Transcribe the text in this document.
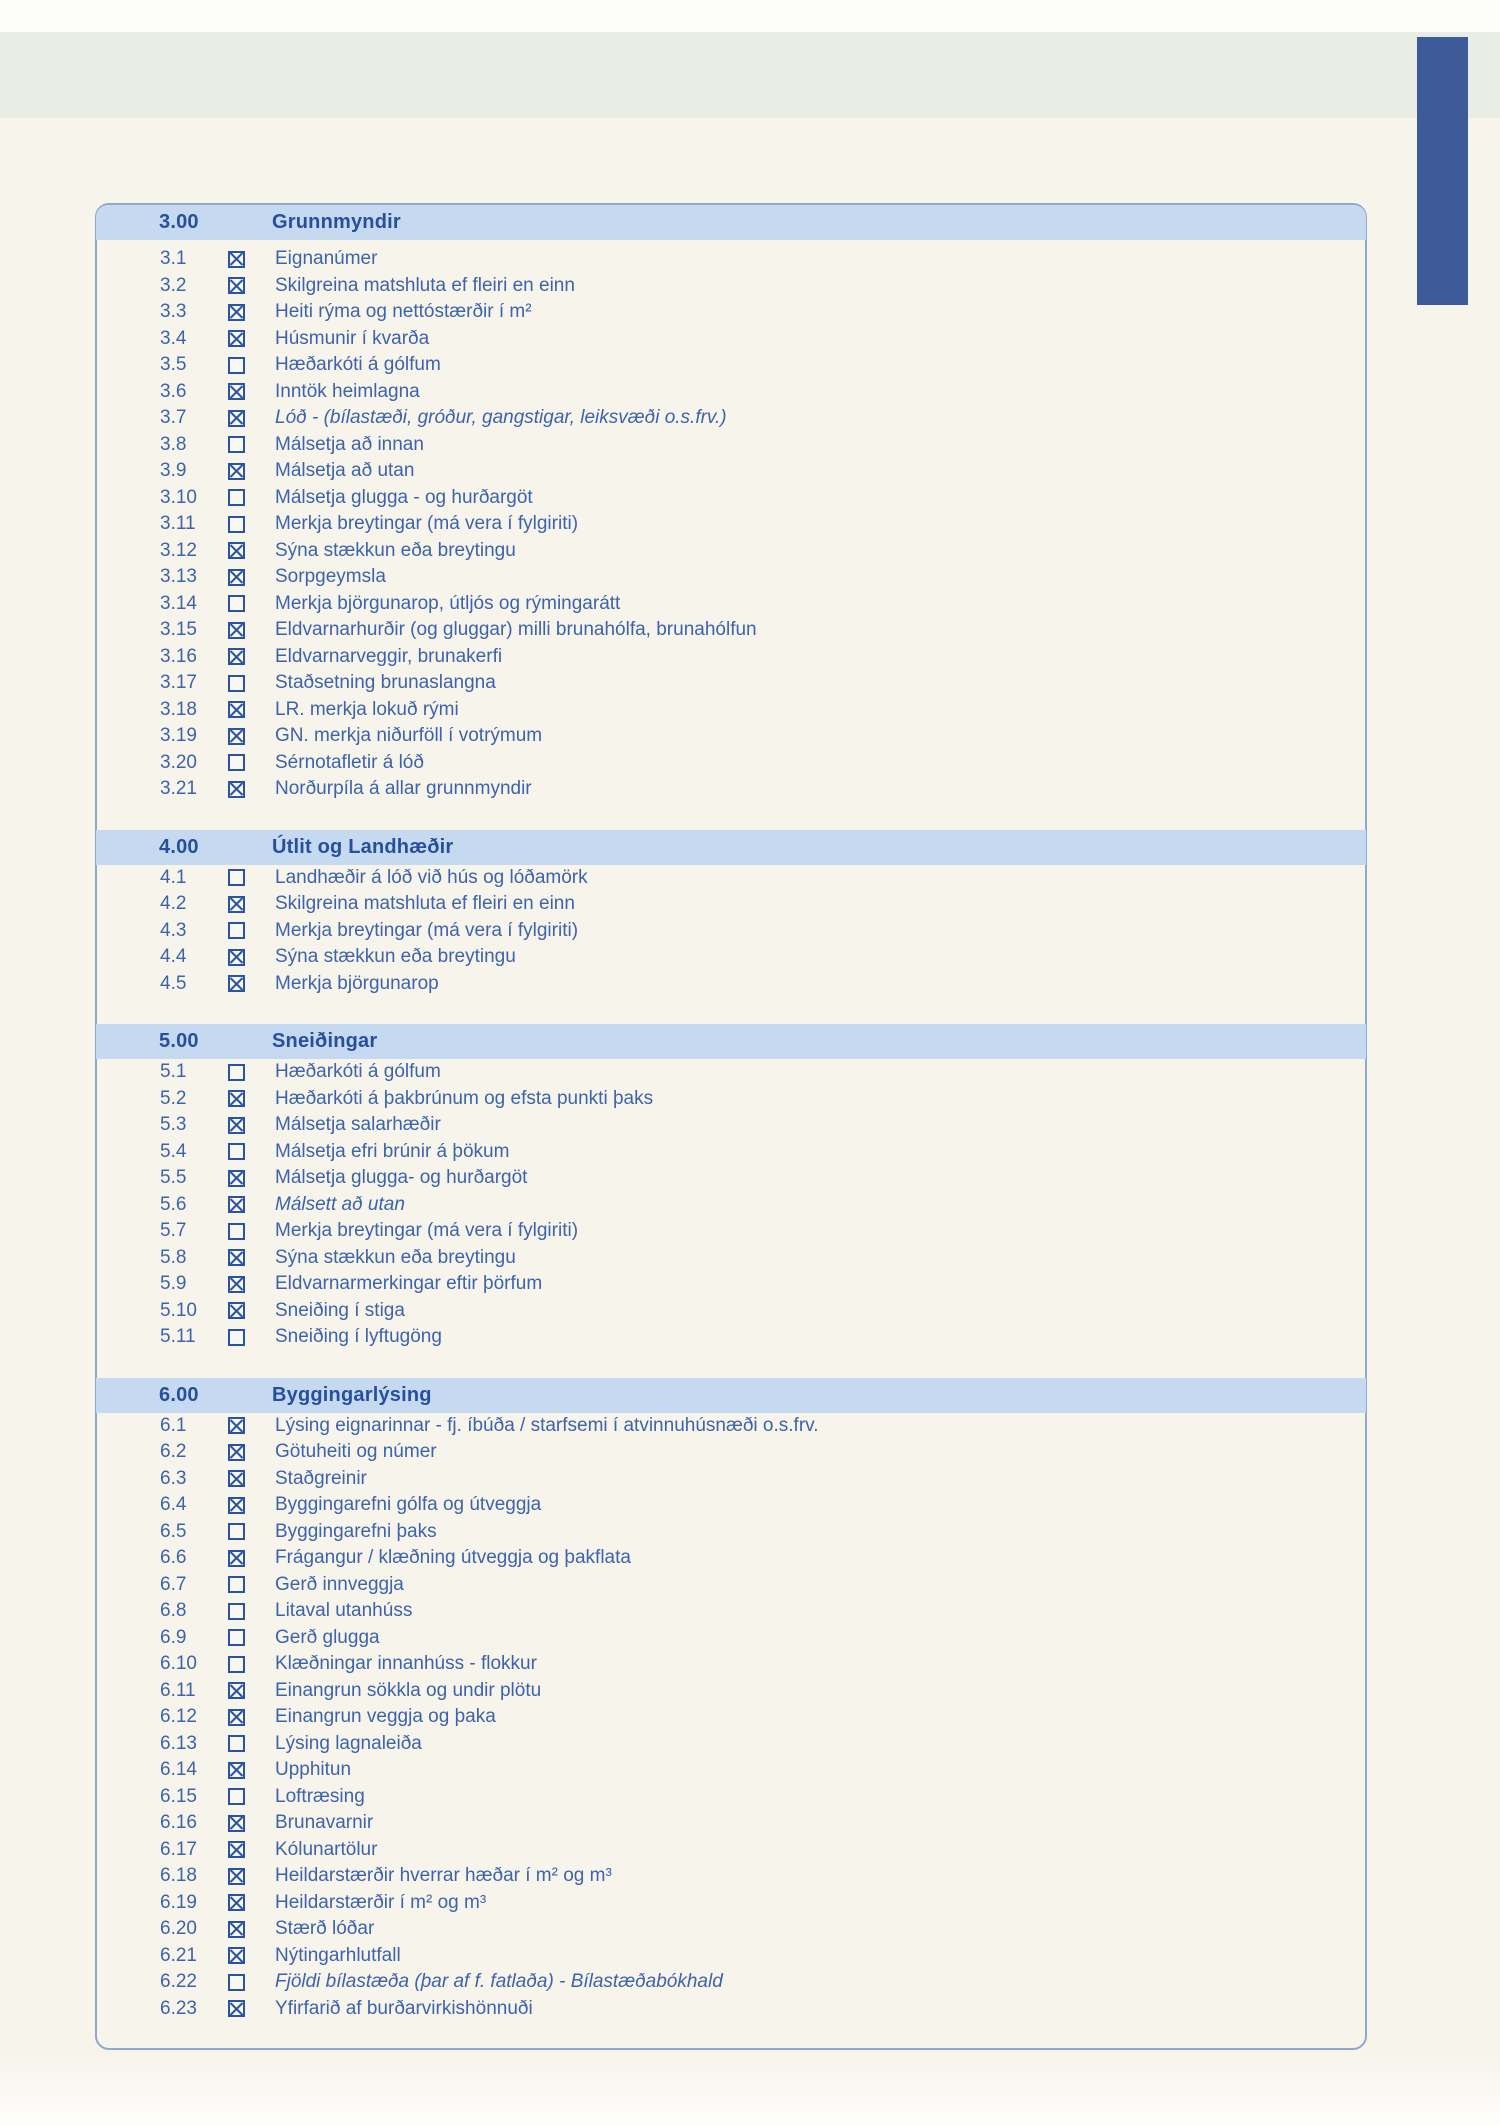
3.00	Grunnmyndir
3.1	Eignanúmer
3.2	Skilgreina matshluta ef fleiri en einn
3.3	Heiti rýma og nettóstærðir í m²
3.4	Húsmunir í kvarða
3.5	Hæðarkóti á gólfum
3.6	Inntök heimlagna
3.7	Lóð - (bílastæði, gróður, gangstigar, leiksvæði o.s.frv.)
3.8	Málsetja að innan
3.9	Málsetja að utan
3.10	Málsetja glugga - og hurðargöt
3.11	Merkja breytingar (má vera í fylgiriti)
3.12	Sýna stækkun eða breytingu
3.13	Sorpgeymsla
3.14	Merkja björgunarop, útljós og rýmingarátt
3.15	Eldvarnarhurðir (og gluggar) milli brunahólfa, brunahólfun
3.16	Eldvarnarveggir, brunakerfi
3.17	Staðsetning brunaslangna
3.18	LR. merkja lokuð rými
3.19	GN. merkja niðurföll í votrýmum
3.20	Sérnotafletir á lóð
3.21	Norðurpíla á allar grunnmyndir
4.00	Útlit og Landhæðir
4.1	Landhæðir á lóð við hús og lóðamörk
4.2	Skilgreina matshluta ef fleiri en einn
4.3	Merkja breytingar (má vera í fylgiriti)
4.4	Sýna stækkun eða breytingu
4.5	Merkja björgunarop
5.00	Sneiðingar
5.1	Hæðarkóti á gólfum
5.2	Hæðarkóti á þakbrúnum og efsta punkti þaks
5.3	Málsetja salarhæðir
5.4	Málsetja efri brúnir á þökum
5.5	Málsetja glugga- og hurðargöt
5.6	Málsett að utan
5.7	Merkja breytingar (má vera í fylgiriti)
5.8	Sýna stækkun eða breytingu
5.9	Eldvarnarmerkingar eftir þörfum
5.10	Sneiðing í stiga
5.11	Sneiðing í lyftugöng
6.00	Byggingarlýsing
6.1	Lýsing eignarinnar - fj. íbúða / starfsemi í atvinnuhúsnæði o.s.frv.
6.2	Götuheiti og númer
6.3	Staðgreinir
6.4	Byggingarefni gólfa og útveggja
6.5	Byggingarefni þaks
6.6	Frágangur / klæðning útveggja og þakflata
6.7	Gerð innveggja
6.8	Litaval utanhúss
6.9	Gerð glugga
6.10	Klæðningar innanhúss - flokkur
6.11	Einangrun sökkla og undir plötu
6.12	Einangrun veggja og þaka
6.13	Lýsing lagnaleiða
6.14	Upphitun
6.15	Loftræsing
6.16	Brunavarnir
6.17	Kólunartölur
6.18	Heildarstærðir hverrar hæðar í m² og m³
6.19	Heildarstærðir í m² og m³
6.20	Stærð lóðar
6.21	Nýtingarhlutfall
6.22	Fjöldi bílastæða (þar af f. fatlaða) - Bílastæðabókhald
6.23	Yfirfarið af burðarvirkishönnuði
